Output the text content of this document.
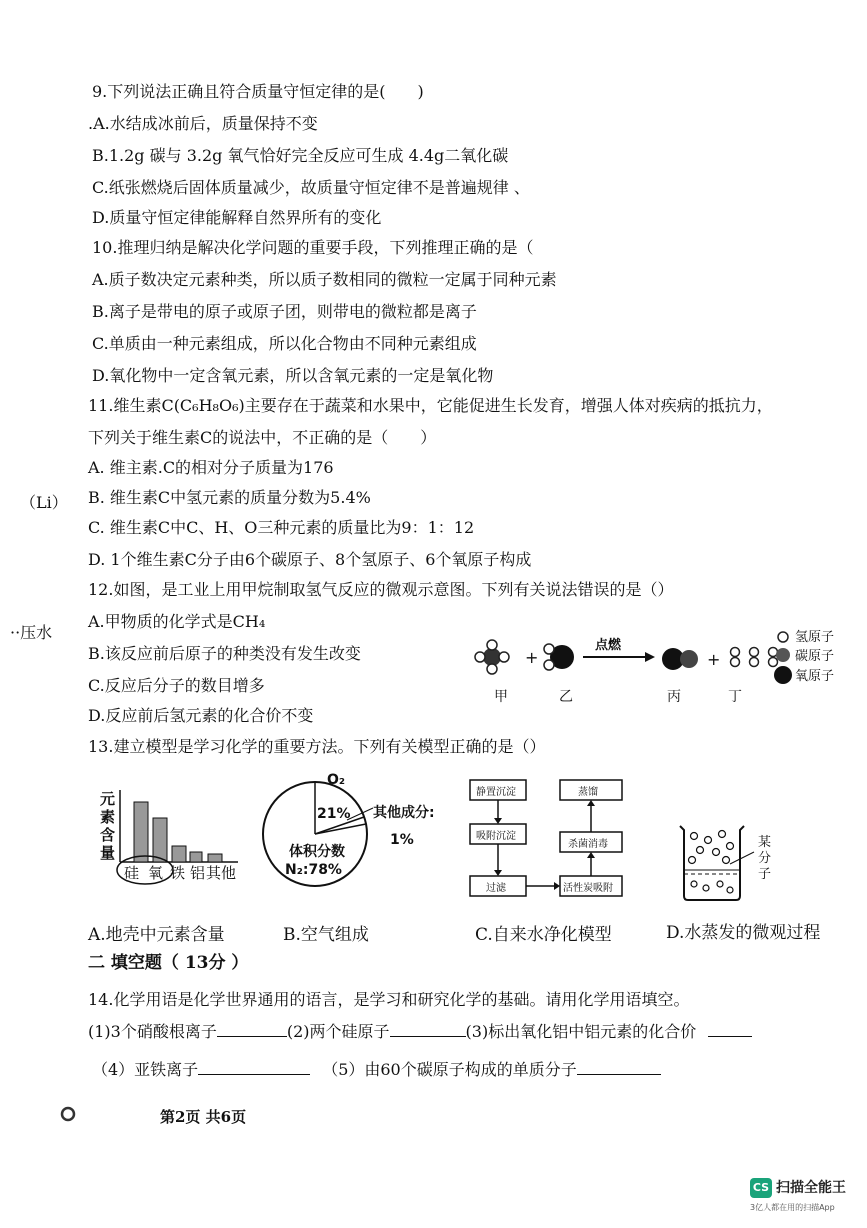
9.下列说法正确且符合质量守恒定律的是(　　)
.A.水结成冰前后，质量保持不变
B.1.2g 碳与 3.2g 氧气恰好完全反应可生成 4.4g二氧化碳
C.纸张燃烧后固体质量减少，故质量守恒定律不是普遍规律 、
D.质量守恒定律能解释自然界所有的变化
10.推理归纳是解决化学问题的重要手段，下列推理正确的是（
A.质子数决定元素种类，所以质子数相同的微粒一定属于同种元素
B.离子是带电的原子或原子团，则带电的微粒都是离子
C.单质由一种元素组成，所以化合物由不同种元素组成
D.氧化物中一定含氧元素，所以含氧元素的一定是氧化物
11.维生素C(C₆H₈O₆)主要存在于蔬菜和水果中，它能促进生长发育，增强人体对疾病的抵抗力，
下列关于维生素C的说法中，不正确的是（　　）
A. 维主素.C的相对分子质量为176
B. 维生素C中氢元素的质量分数为5.4%
C. 维生素C中C、H、O三种元素的质量比为9：1：12
D. 1个维生素C分子由6个碳原子、8个氢原子、6个氧原子构成
（Li）
··压水
12.如图，是工业上用甲烷制取氢气反应的微观示意图。下列有关说法错误的是（）
A.甲物质的化学式是CH₄
B.该反应前后原子的种类没有发生改变
C.反应后分子的数目增多
D.反应前后氢元素的化合价不变
+
点燃
+
甲	乙	丙	丁
氢原子
碳原子
氧原子
13.建立模型是学习化学的重要方法。下列有关模型正确的是（）
元
素
含
量
硅 氧 铁 铝 其他
O₂
21% 其他成分:
1%
体积分数
N₂:78%
静置沉淀
吸附沉淀
过滤	活性炭吸附
杀菌消毒
蒸馏
某
分
子
A.地壳中元素含量	B.空气组成	C.自来水净化模型	D.水蒸发的微观过程
二 填空题（ 13分 ）
14.化学用语是化学世界通用的语言，是学习和研究化学的基础。请用化学用语填空。
(1)3个硝酸根离子	(2)两个硅原子	(3)标出氧化铝中铝元素的化合价
（4）亚铁离子	（5）由60个碳原子构成的单质分子
第2页 共6页
CS 扫描全能王
3亿人都在用的扫描App
